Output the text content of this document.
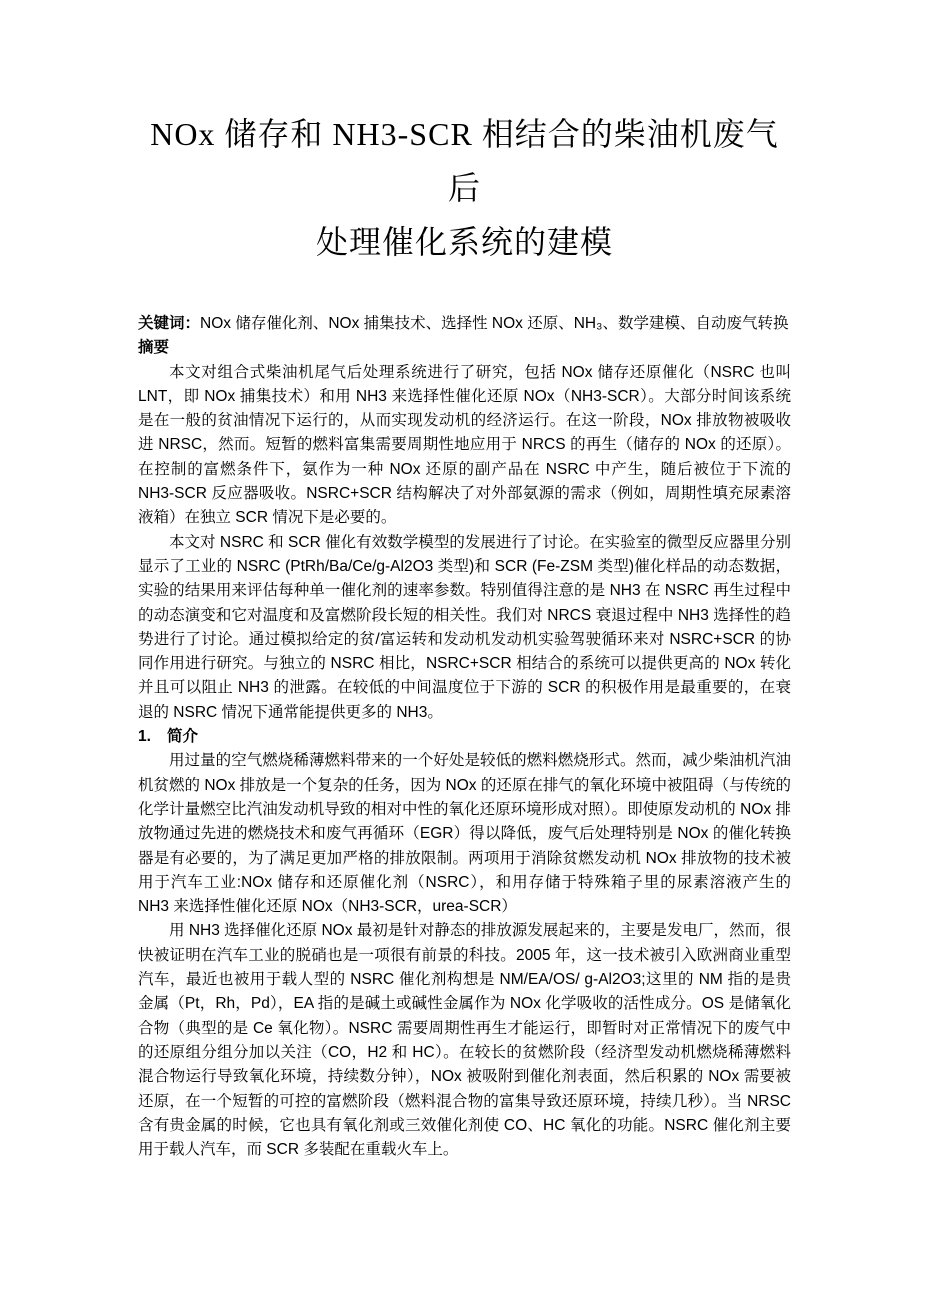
NOx 储存和 NH3-SCR 相结合的柴油机废气后
处理催化系统的建模

关键词：NOx 储存催化剂、NOx 捕集技术、选择性 NOx 还原、NH₃、数学建模、自动废气转换

摘要

本文对组合式柴油机尾气后处理系统进行了研究，包括 NOx 储存还原催化（NSRC 也叫 LNT，即 NOx 捕集技术）和用 NH3 来选择性催化还原 NOx（NH3-SCR）。大部分时间该系统是在一般的贫油情况下运行的，从而实现发动机的经济运行。在这一阶段，NOx 排放物被吸收进 NRSC，然而。短暂的燃料富集需要周期性地应用于 NRCS 的再生（储存的 NOx 的还原）。在控制的富燃条件下，氨作为一种 NOx 还原的副产品在 NSRC 中产生，随后被位于下流的 NH3-SCR 反应器吸收。NSRC+SCR 结构解决了对外部氨源的需求（例如，周期性填充尿素溶液箱）在独立 SCR 情况下是必要的。

本文对 NSRC 和 SCR 催化有效数学模型的发展进行了讨论。在实验室的微型反应器里分别显示了工业的 NSRC (PtRh/Ba/Ce/g-Al2O3 类型)和 SCR (Fe-ZSM 类型)催化样品的动态数据，实验的结果用来评估每种单一催化剂的速率参数。特别值得注意的是 NH3 在 NSRC 再生过程中的动态演变和它对温度和及富燃阶段长短的相关性。我们对 NRCS 衰退过程中 NH3 选择性的趋势进行了讨论。通过模拟给定的贫/富运转和发动机发动机实验驾驶循环来对 NSRC+SCR 的协同作用进行研究。与独立的 NSRC 相比，NSRC+SCR 相结合的系统可以提供更高的 NOx 转化并且可以阻止 NH3 的泄露。在较低的中间温度位于下游的 SCR 的积极作用是最重要的，在衰退的 NSRC 情况下通常能提供更多的 NH3。

1. 简介

用过量的空气燃烧稀薄燃料带来的一个好处是较低的燃料燃烧形式。然而，减少柴油机汽油机贫燃的 NOx 排放是一个复杂的任务，因为 NOx 的还原在排气的氧化环境中被阻碍（与传统的化学计量燃空比汽油发动机导致的相对中性的氧化还原环境形成对照）。即使原发动机的 NOx 排放物通过先进的燃烧技术和废气再循环（EGR）得以降低，废气后处理特别是 NOx 的催化转换器是有必要的，为了满足更加严格的排放限制。两项用于消除贫燃发动机 NOx 排放物的技术被用于汽车工业:NOx 储存和还原催化剂（NSRC），和用存储于特殊箱子里的尿素溶液产生的 NH3 来选择性催化还原 NOx（NH3-SCR，urea-SCR）

用 NH3 选择催化还原 NOx 最初是针对静态的排放源发展起来的，主要是发电厂，然而，很快被证明在汽车工业的脱硝也是一项很有前景的科技。2005 年，这一技术被引入欧洲商业重型汽车，最近也被用于载人型的 NSRC 催化剂构想是 NM/EA/OS/ g-Al2O3;这里的 NM 指的是贵金属（Pt，Rh，Pd），EA 指的是碱土或碱性金属作为 NOx 化学吸收的活性成分。OS 是储氧化合物（典型的是 Ce 氧化物）。NSRC 需要周期性再生才能运行，即暂时对正常情况下的废气中的还原组分组分加以关注（CO，H2 和 HC）。在较长的贫燃阶段（经济型发动机燃烧稀薄燃料混合物运行导致氧化环境，持续数分钟），NOx 被吸附到催化剂表面，然后积累的 NOx 需要被还原，在一个短暂的可控的富燃阶段（燃料混合物的富集导致还原环境，持续几秒）。当 NRSC 含有贵金属的时候，它也具有氧化剂或三效催化剂使 CO、HC 氧化的功能。NSRC 催化剂主要用于载人汽车，而 SCR 多装配在重载火车上。
